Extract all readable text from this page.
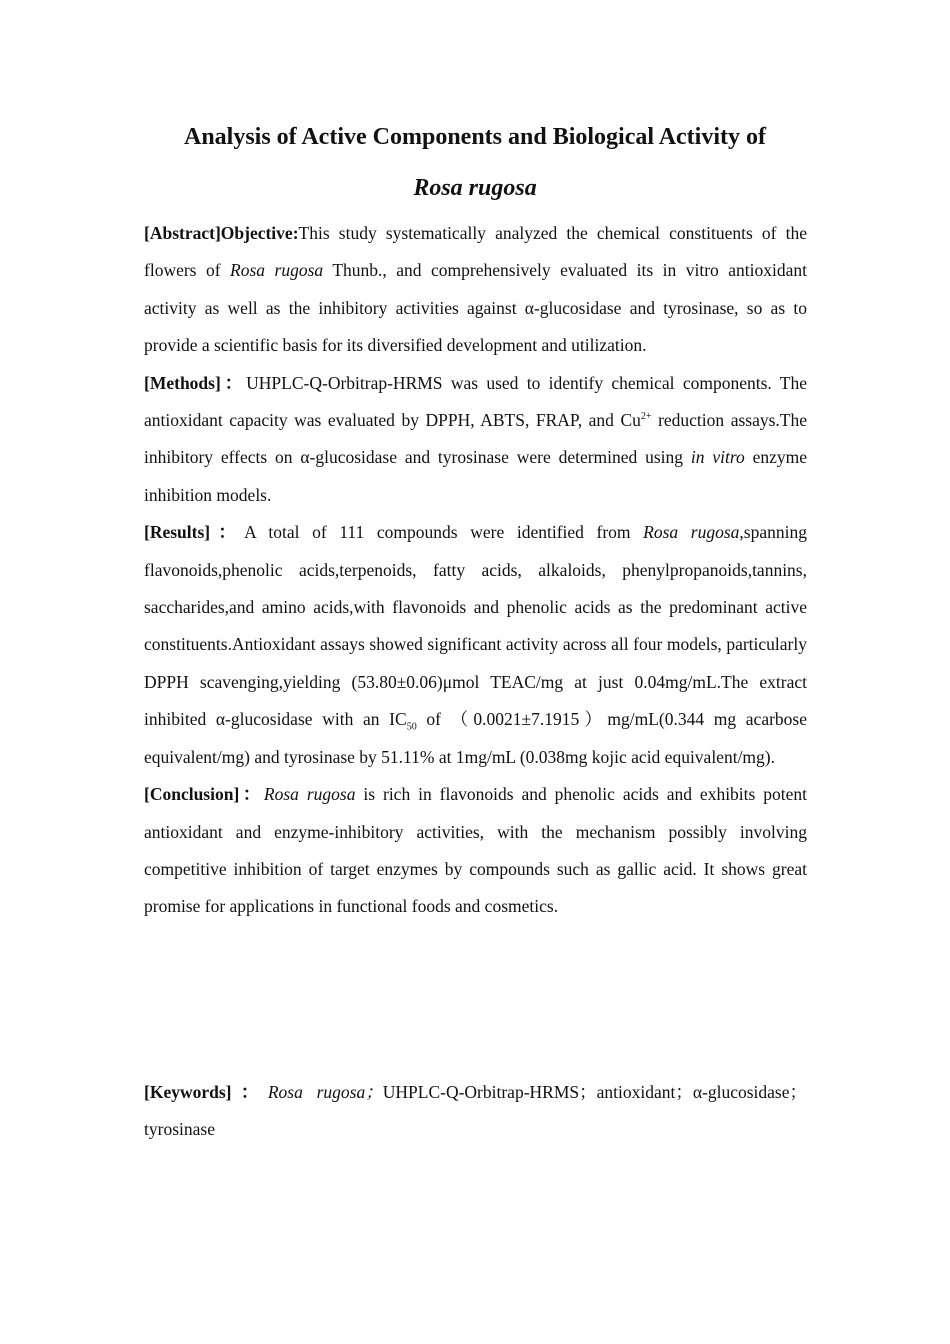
Analysis of Active Components and Biological Activity of
Rosa rugosa

[Abstract]Objective:This study systematically analyzed the chemical constituents of the flowers of Rosa rugosa Thunb., and comprehensively evaluated its in vitro antioxidant activity as well as the inhibitory activities against α-glucosidase and tyrosinase, so as to provide a scientific basis for its diversified development and utilization.

[Methods]：UHPLC-Q-Orbitrap-HRMS was used to identify chemical components. The antioxidant capacity was evaluated by DPPH, ABTS, FRAP, and $Cu^{2+}$ reduction assays.The inhibitory effects on α-glucosidase and tyrosinase were determined using in vitro enzyme inhibition models.

[Results]：A total of 111 compounds were identified from Rosa rugosa,spanning flavonoids,phenolic acids,terpenoids, fatty acids, alkaloids, phenylpropanoids,tannins, saccharides,and amino acids,with flavonoids and phenolic acids as the predominant active constituents.Antioxidant assays showed significant activity across all four models, particularly DPPH scavenging,yielding (53.80±0.06)μmol TEAC/mg at just 0.04mg/mL.The extract inhibited α-glucosidase with an $IC_{50}$ of （0.0021±7.1915）mg/mL(0.344 mg acarbose equivalent/mg) and tyrosinase by 51.11% at 1mg/mL (0.038mg kojic acid equivalent/mg).

[Conclusion]：Rosa rugosa is rich in flavonoids and phenolic acids and exhibits potent antioxidant and enzyme-inhibitory activities, with the mechanism possibly involving competitive inhibition of target enzymes by compounds such as gallic acid. It shows great promise for applications in functional foods and cosmetics.

[Keywords]：Rosa rugosa；UHPLC-Q-Orbitrap-HRMS；antioxidant；α-glucosidase；tyrosinase
